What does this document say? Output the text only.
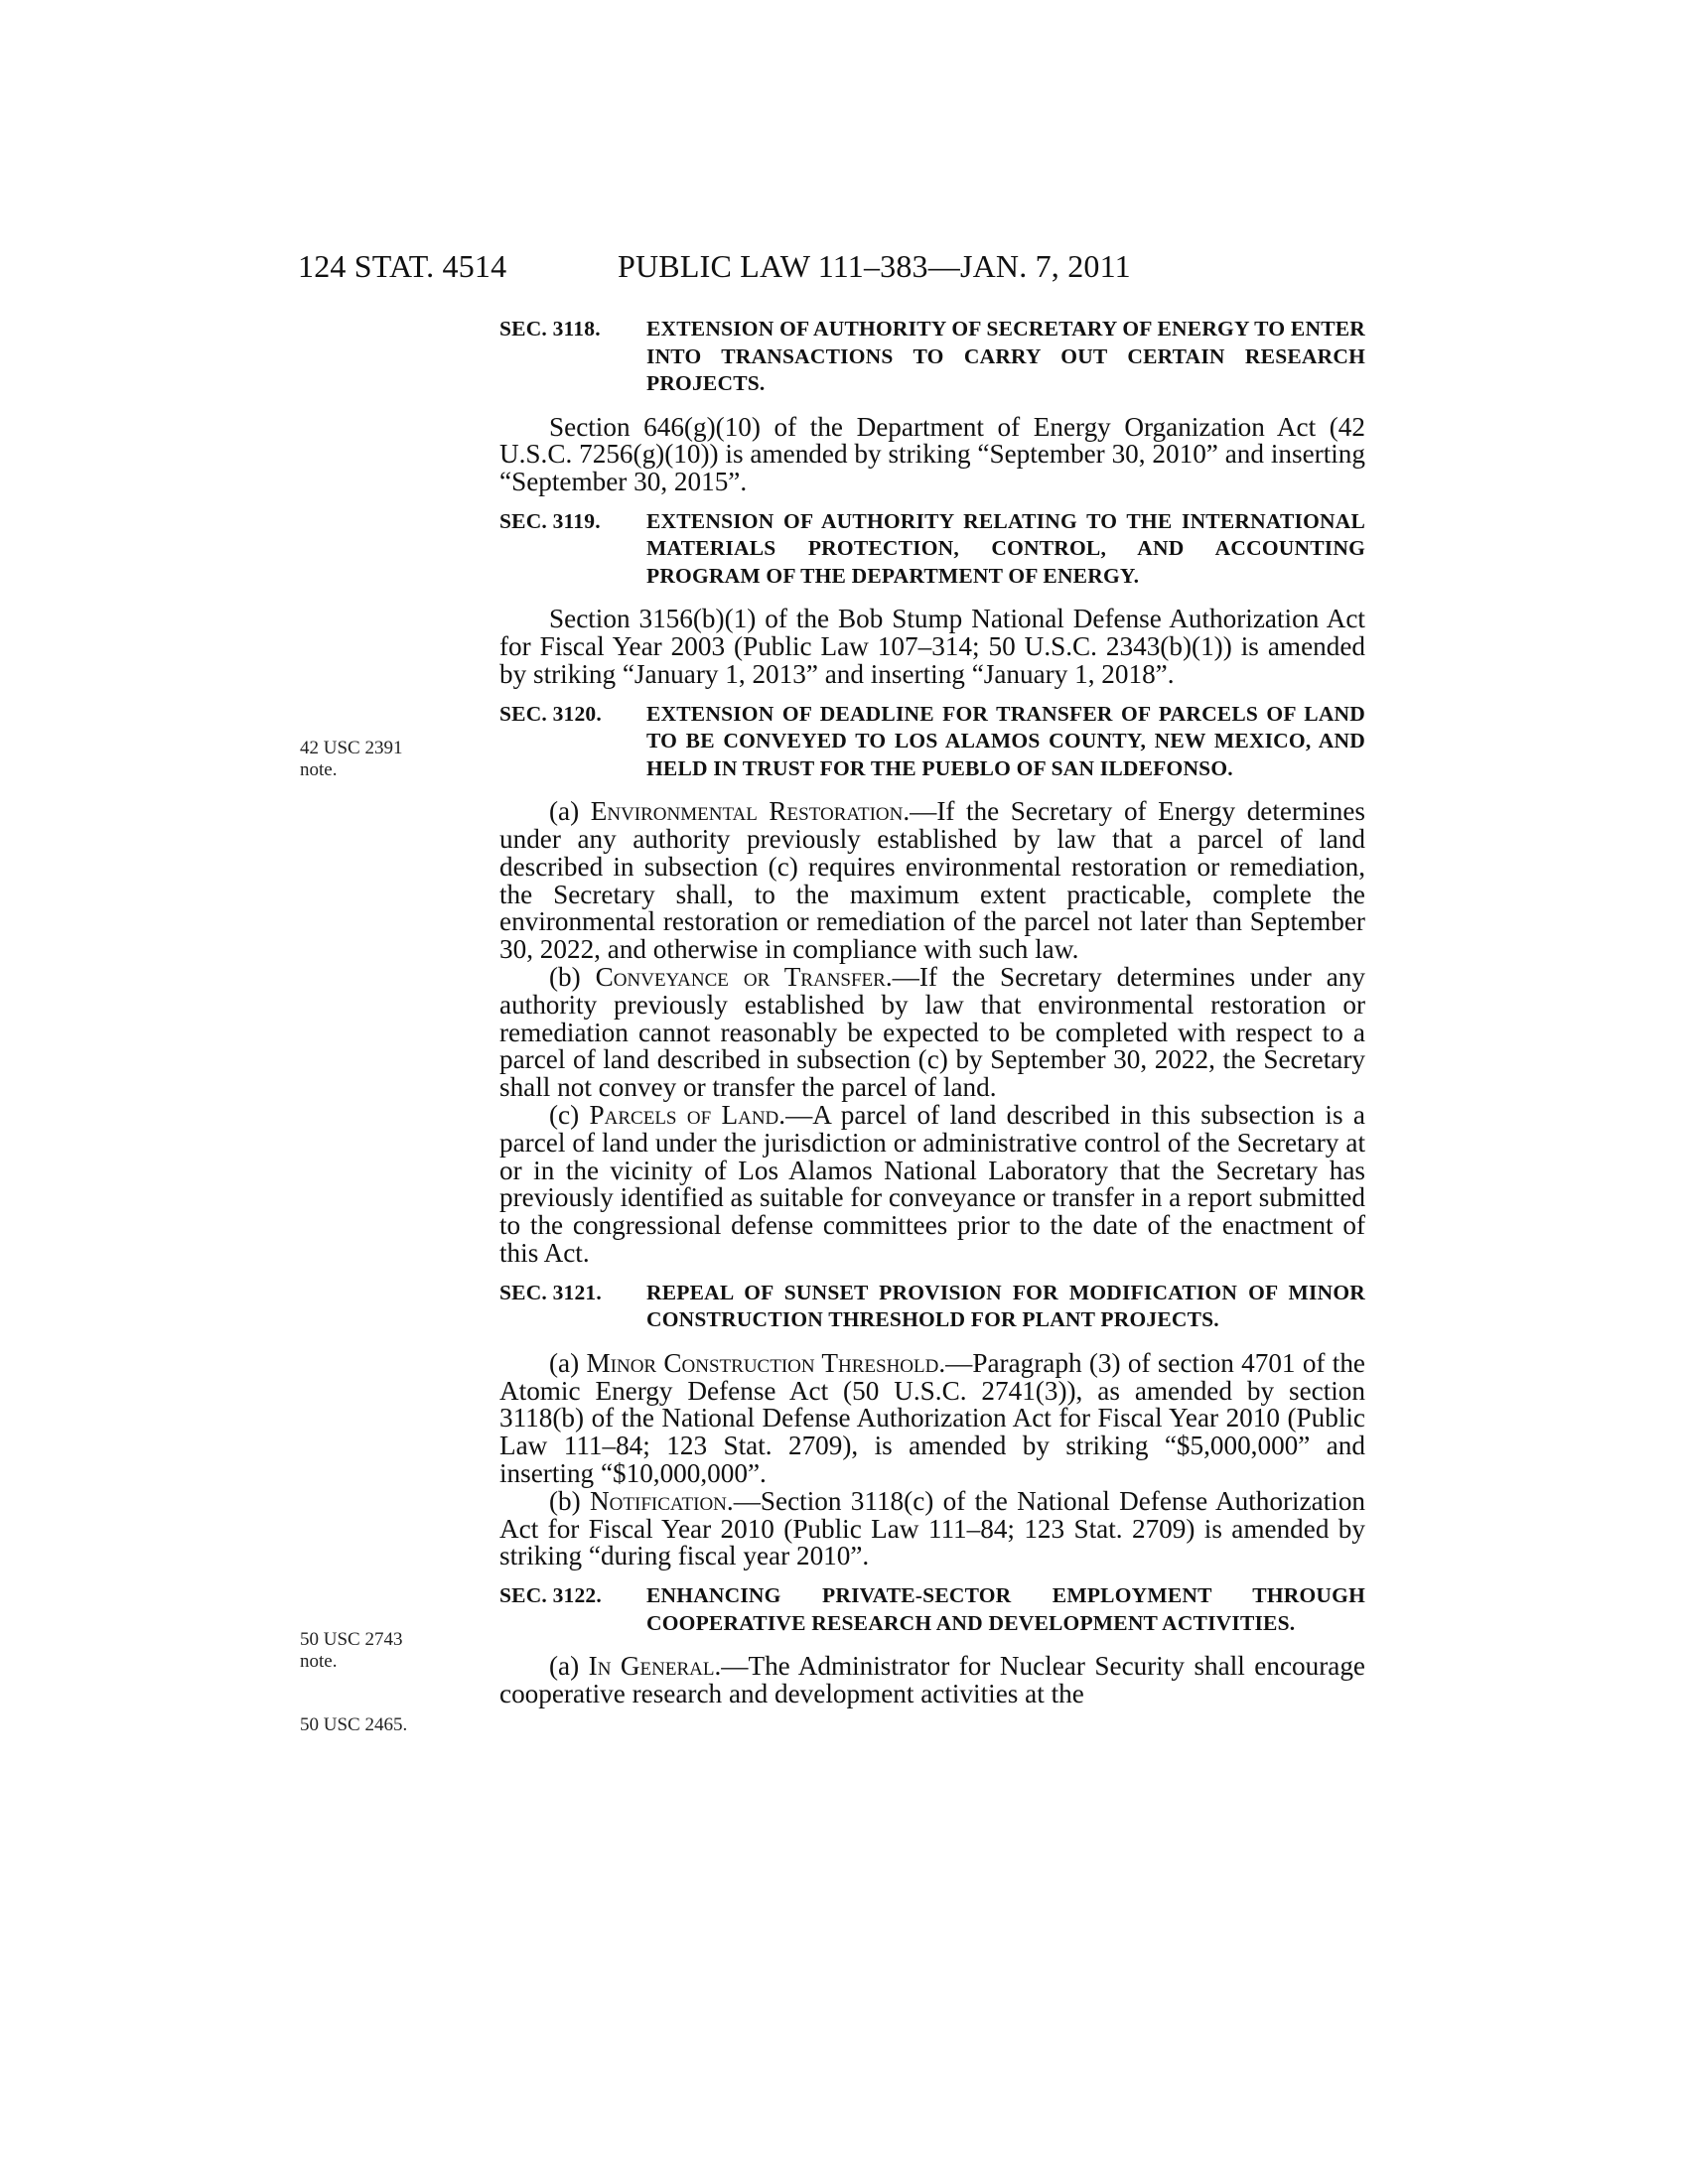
124 STAT. 4514	PUBLIC LAW 111–383—JAN. 7, 2011
42 USC 2391
note.
50 USC 2743
note.
50 USC 2465.

SEC. 3118. EXTENSION OF AUTHORITY OF SECRETARY OF ENERGY TO ENTER INTO TRANSACTIONS TO CARRY OUT CERTAIN RESEARCH PROJECTS.

Section 646(g)(10) of the Department of Energy Organization Act (42 U.S.C. 7256(g)(10)) is amended by striking “September 30, 2010” and inserting “September 30, 2015”.

SEC. 3119. EXTENSION OF AUTHORITY RELATING TO THE INTERNATIONAL MATERIALS PROTECTION, CONTROL, AND ACCOUNTING PROGRAM OF THE DEPARTMENT OF ENERGY.

Section 3156(b)(1) of the Bob Stump National Defense Authorization Act for Fiscal Year 2003 (Public Law 107–314; 50 U.S.C. 2343(b)(1)) is amended by striking “January 1, 2013” and inserting “January 1, 2018”.

SEC. 3120. EXTENSION OF DEADLINE FOR TRANSFER OF PARCELS OF LAND TO BE CONVEYED TO LOS ALAMOS COUNTY, NEW MEXICO, AND HELD IN TRUST FOR THE PUEBLO OF SAN ILDEFONSO.

(a) Environmental Restoration.—If the Secretary of Energy determines under any authority previously established by law that a parcel of land described in subsection (c) requires environmental restoration or remediation, the Secretary shall, to the maximum extent practicable, complete the environmental restoration or remediation of the parcel not later than September 30, 2022, and otherwise in compliance with such law.

(b) Conveyance or Transfer.—If the Secretary determines under any authority previously established by law that environmental restoration or remediation cannot reasonably be expected to be completed with respect to a parcel of land described in subsection (c) by September 30, 2022, the Secretary shall not convey or transfer the parcel of land.

(c) Parcels of Land.—A parcel of land described in this subsection is a parcel of land under the jurisdiction or administrative control of the Secretary at or in the vicinity of Los Alamos National Laboratory that the Secretary has previously identified as suitable for conveyance or transfer in a report submitted to the congressional defense committees prior to the date of the enactment of this Act.

SEC. 3121. REPEAL OF SUNSET PROVISION FOR MODIFICATION OF MINOR CONSTRUCTION THRESHOLD FOR PLANT PROJECTS.

(a) Minor Construction Threshold.—Paragraph (3) of section 4701 of the Atomic Energy Defense Act (50 U.S.C. 2741(3)), as amended by section 3118(b) of the National Defense Authorization Act for Fiscal Year 2010 (Public Law 111–84; 123 Stat. 2709), is amended by striking “$5,000,000” and inserting “$10,000,000”.

(b) Notification.—Section 3118(c) of the National Defense Authorization Act for Fiscal Year 2010 (Public Law 111–84; 123 Stat. 2709) is amended by striking “during fiscal year 2010”.

SEC. 3122. ENHANCING PRIVATE-SECTOR EMPLOYMENT THROUGH COOPERATIVE RESEARCH AND DEVELOPMENT ACTIVITIES.

(a) In General.—The Administrator for Nuclear Security shall encourage cooperative research and development activities at the
